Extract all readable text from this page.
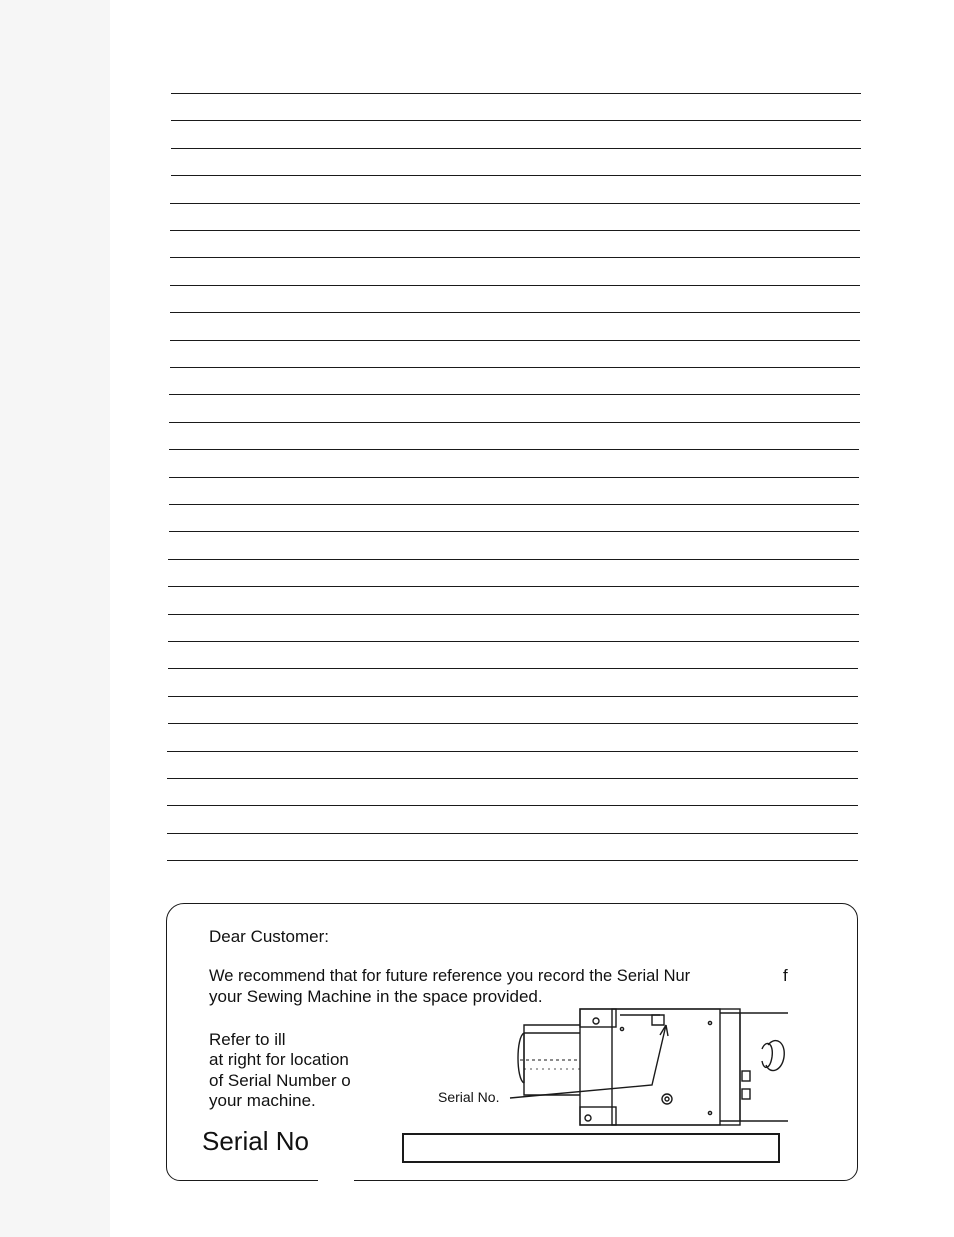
Dear Customer:
We recommend that for future reference you record the Serial Nur	f
your Sewing Machine in the space provided.
Refer to ill
at right for location
of Serial Number o
your machine.
Serial No
Serial No.
